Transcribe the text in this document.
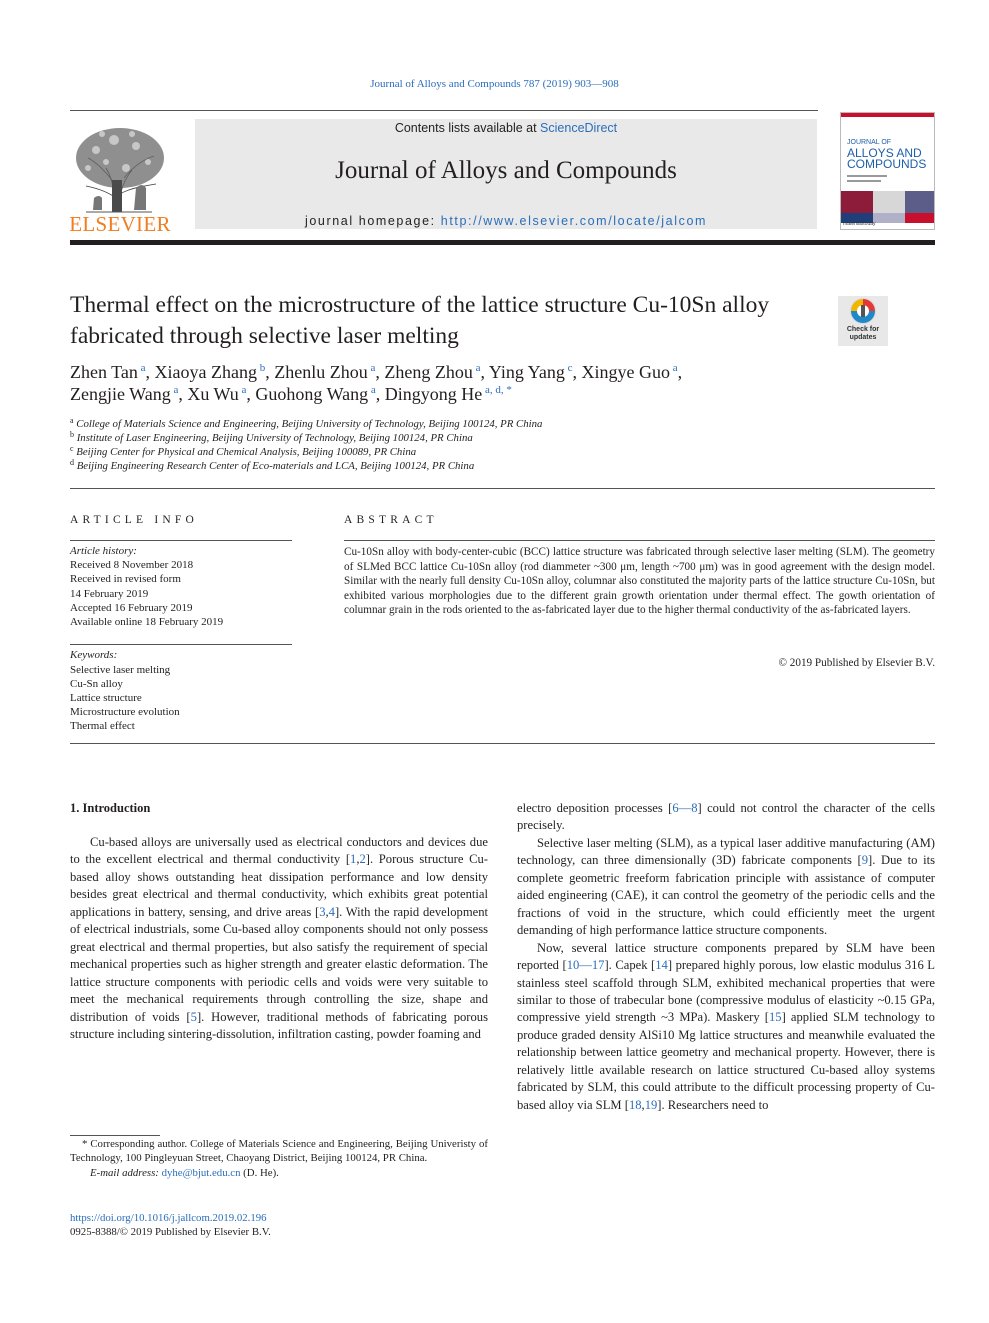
Journal of Alloys and Compounds 787 (2019) 903—908
ELSEVIER
Contents lists available at ScienceDirect
Journal of Alloys and Compounds
journal homepage: http://www.elsevier.com/locate/jalcom
JOURNAL OF
ALLOYS AND
COMPOUNDS
materialstoday
Thermal effect on the microstructure of the lattice structure Cu-10Sn alloy fabricated through selective laser melting	Check for
updates
Zhen Tan $^a$, Xiaoya Zhang $^b$, Zhenlu Zhou $^a$, Zheng Zhou $^a$, Ying Yang $^c$, Xingye Guo $^a$,
Zengjie Wang $^a$, Xu Wu $^a$, Guohong Wang $^a$, Dingyong He $^{a, d, *}$
$^a$ College of Materials Science and Engineering, Beijing University of Technology, Beijing 100124, PR China
$^b$ Institute of Laser Engineering, Beijing University of Technology, Beijing 100124, PR China
$^c$ Beijing Center for Physical and Chemical Analysis, Beijing 100089, PR China
$^d$ Beijing Engineering Research Center of Eco-materials and LCA, Beijing 100124, PR China
ARTICLE INFO	ABSTRACT
Article history:
Received 8 November 2018
Received in revised form
14 February 2019
Accepted 16 February 2019
Available online 18 February 2019
Keywords:
Selective laser melting
Cu-Sn alloy
Lattice structure
Microstructure evolution
Thermal effect
Cu-10Sn alloy with body-center-cubic (BCC) lattice structure was fabricated through selective laser melting (SLM). The geometry of SLMed BCC lattice Cu-10Sn alloy (rod diammeter ~300 μm, length ~700 μm) was in good agreement with the design model. Similar with the nearly full density Cu-10Sn alloy, columnar also constituted the majority parts of the lattice structure Cu-10Sn, but exhibited various morphologies due to the different grain growth orientation under thermal effect. The gowth orientation of columnar grain in the rods oriented to the as-fabricated layer due to the higher thermal conductivity of the as-fabricated layers.
© 2019 Published by Elsevier B.V.
1. Introduction

Cu-based alloys are universally used as electrical conductors and devices due to the excellent electrical and thermal conductivity [1,2]. Porous structure Cu-based alloy shows outstanding heat dissipation performance and low density besides great electrical and thermal conductivity, which exhibits great potential applications in battery, sensing, and drive areas [3,4]. With the rapid development of electrical industrials, some Cu-based alloy components should not only possess great electrical and thermal properties, but also satisfy the requirement of special mechanical properties such as higher strength and greater elastic deformation. The lattice structure components with periodic cells and voids were very suitable to meet the mechanical requirements through controlling the size, shape and distribution of voids [5]. However, traditional methods of fabricating porous structure including sintering-dissolution, infiltration casting, powder foaming and

electro deposition processes [6—8] could not control the character of the cells precisely.

Selective laser melting (SLM), as a typical laser additive manufacturing (AM) technology, can three dimensionally (3D) fabricate components [9]. Due to its complete geometric freeform fabrication principle with assistance of computer aided engineering (CAE), it can control the geometry of the periodic cells and the fractions of void in the structure, which could efficiently meet the urgent demanding of high performance lattice structure components.

Now, several lattice structure components prepared by SLM have been reported [10—17]. Capek [14] prepared highly porous, low elastic modulus 316 L stainless steel scaffold through SLM, exhibited mechanical properties that were similar to those of trabecular bone (compressive modulus of elasticity ~0.15 GPa, compressive yield strength ~3 MPa). Maskery [15] applied SLM technology to produce graded density AlSi10 Mg lattice structures and meanwhile evaluated the relationship between lattice geometry and mechanical property. However, there is relatively little available research on lattice structured Cu-based alloy systems fabricated by SLM, this could attribute to the difficult processing property of Cu-based alloy via SLM [18,19]. Researchers need to

* Corresponding author. College of Materials Science and Engineering, Beijing Univeristy of Technology, 100 Pingleyuan Street, Chaoyang District, Beijing 100124, PR China.
E-mail address: dyhe@bjut.edu.cn (D. He).
https://doi.org/10.1016/j.jallcom.2019.02.196
0925-8388/© 2019 Published by Elsevier B.V.
